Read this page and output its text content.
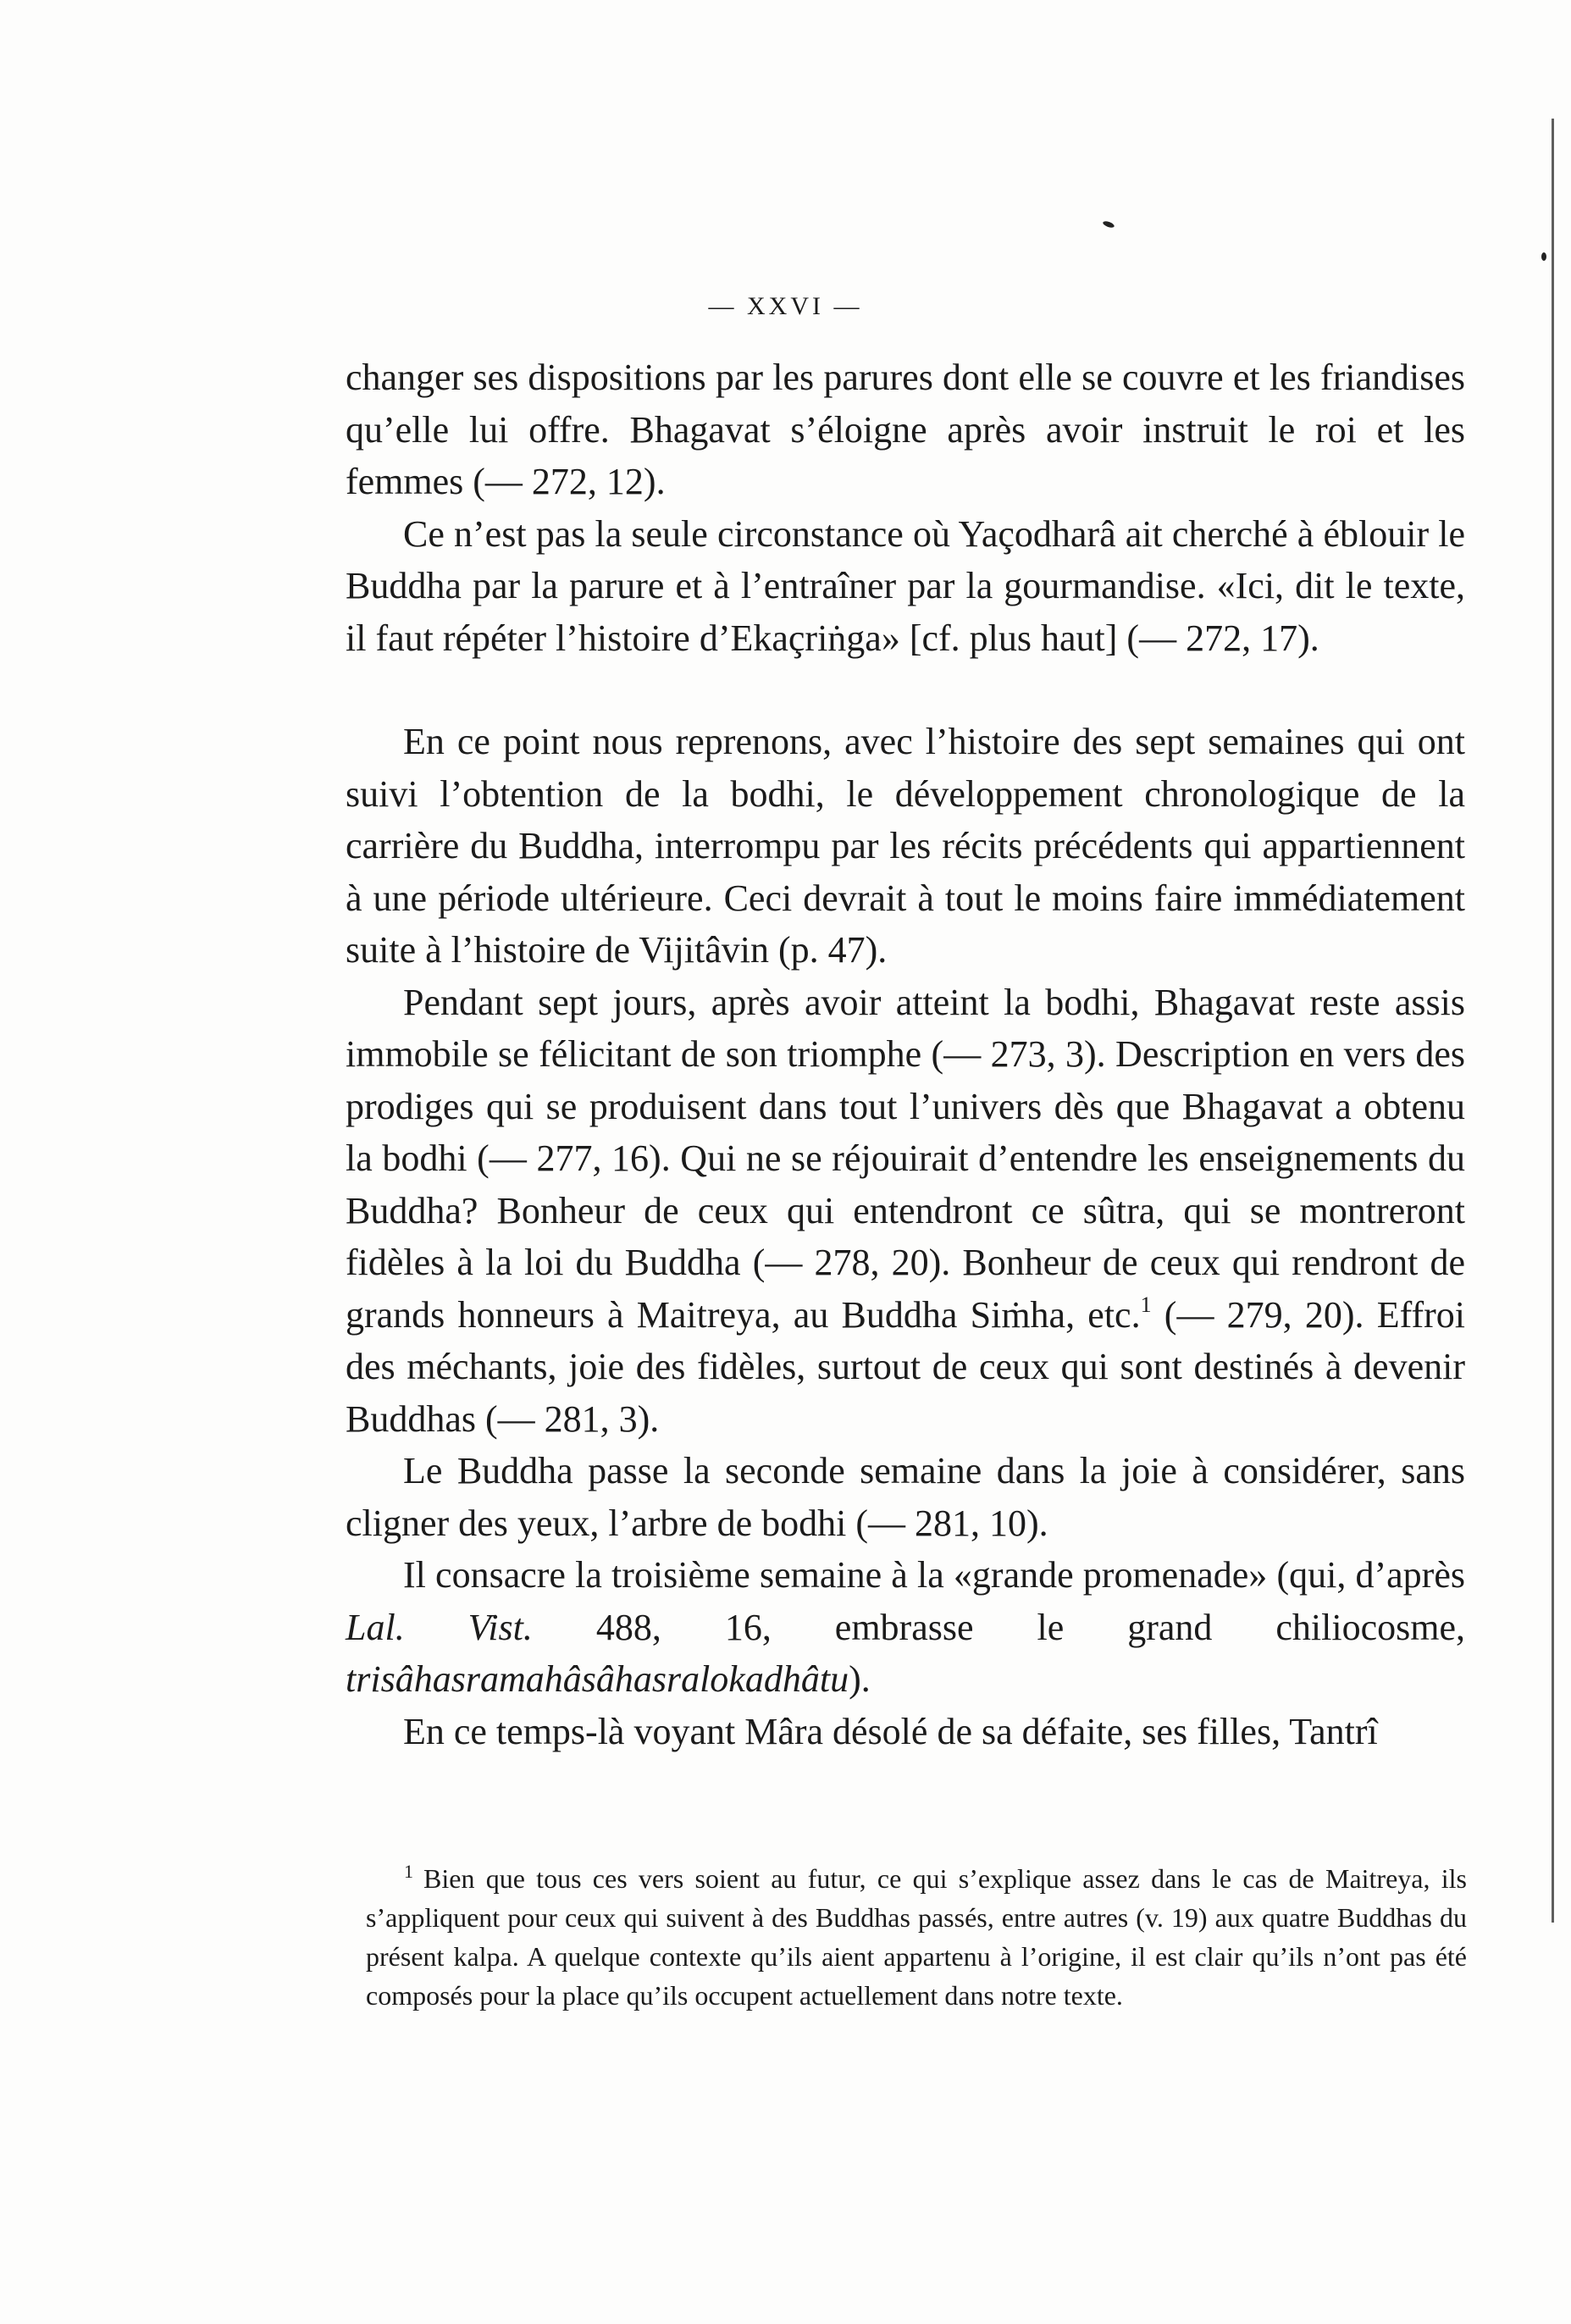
— XXVI —

changer ses dispositions par les parures dont elle se couvre et les friandises qu’elle lui offre. Bhagavat s’éloigne après avoir instruit le roi et les femmes (— 272, 12).

Ce n’est pas la seule circonstance où Yaçodharâ ait cherché à éblouir le Buddha par la parure et à l’entraîner par la gourmandise. «Ici, dit le texte, il faut répéter l’histoire d’Ekaçriṅga» [cf. plus haut] (— 272, 17).

En ce point nous reprenons, avec l’histoire des sept semaines qui ont suivi l’obtention de la bodhi, le développement chronologique de la carrière du Buddha, interrompu par les récits précédents qui appartiennent à une période ultérieure. Ceci devrait à tout le moins faire immédiatement suite à l’histoire de Vijitâvin (p. 47).

Pendant sept jours, après avoir atteint la bodhi, Bhagavat reste assis immobile se félicitant de son triomphe (— 273, 3). Description en vers des prodiges qui se produisent dans tout l’univers dès que Bhagavat a obtenu la bodhi (— 277, 16). Qui ne se réjouirait d’entendre les enseignements du Buddha? Bonheur de ceux qui entendront ce sûtra, qui se montreront fidèles à la loi du Buddha (— 278, 20). Bonheur de ceux qui rendront de grands honneurs à Maitreya, au Buddha Siṁha, etc.$^1$ (— 279, 20). Effroi des méchants, joie des fidèles, surtout de ceux qui sont destinés à devenir Buddhas (— 281, 3).

Le Buddha passe la seconde semaine dans la joie à considérer, sans cligner des yeux, l’arbre de bodhi (— 281, 10).

Il consacre la troisième semaine à la «grande promenade» (qui, d’après Lal. Vist. 488, 16, embrasse le grand chiliocosme, trisâhasramahâsâhasralokadhâtu).

En ce temps-là voyant Mâra désolé de sa défaite, ses filles, Tantrî

$^1$ Bien que tous ces vers soient au futur, ce qui s’explique assez dans le cas de Maitreya, ils s’appliquent pour ceux qui suivent à des Buddhas passés, entre autres (v. 19) aux quatre Buddhas du présent kalpa. A quelque contexte qu’ils aient appartenu à l’origine, il est clair qu’ils n’ont pas été composés pour la place qu’ils occupent actuellement dans notre texte.
